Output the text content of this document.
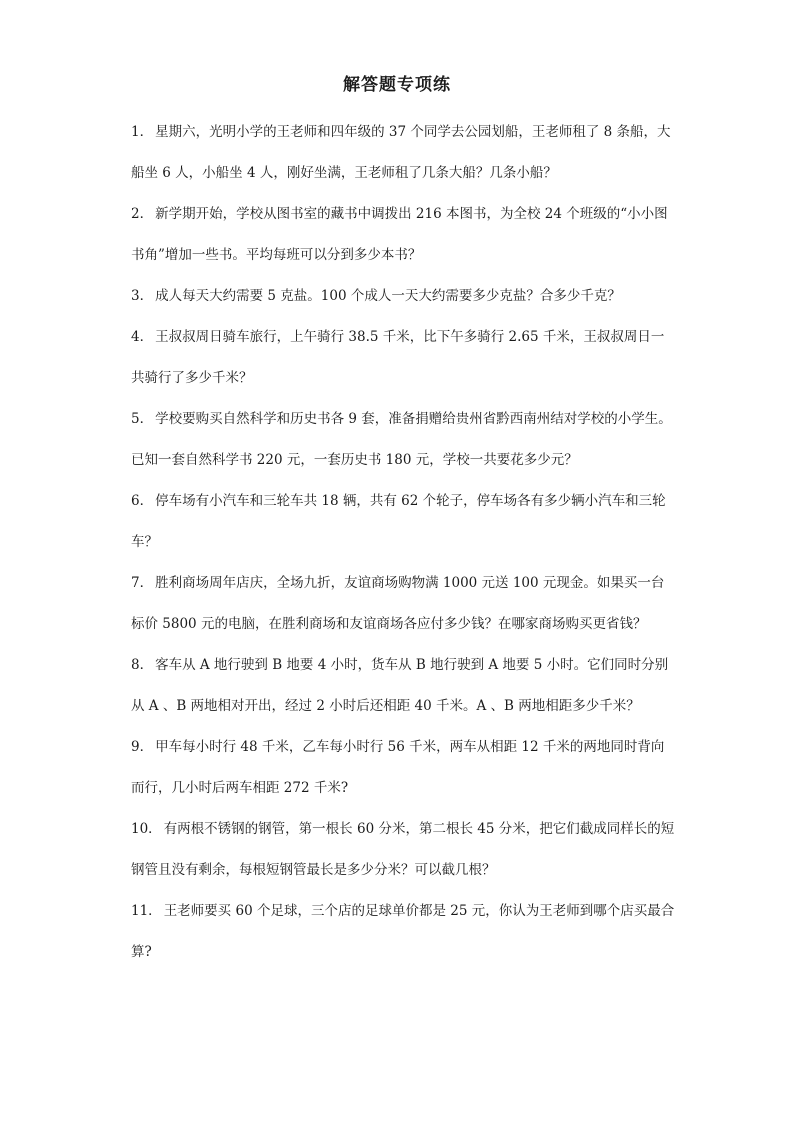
解答题专项练

1． 星期六，光明小学的王老师和四年级的 37 个同学去公园划船，王老师租了 8 条船，大船坐 6 人，小船坐 4 人，刚好坐满，王老师租了几条大船？几条小船？

2． 新学期开始，学校从图书室的藏书中调拨出 216 本图书，为全校 24 个班级的“小小图书角”增加一些书。平均每班可以分到多少本书？

3． 成人每天大约需要 5 克盐。100 个成人一天大约需要多少克盐？合多少千克？

4． 王叔叔周日骑车旅行，上午骑行 38.5 千米，比下午多骑行 2.65 千米，王叔叔周日一共骑行了多少千米？

5． 学校要购买自然科学和历史书各 9 套，准备捐赠给贵州省黔西南州结对学校的小学生。已知一套自然科学书 220 元，一套历史书 180 元，学校一共要花多少元？

6． 停车场有小汽车和三轮车共 18 辆，共有 62 个轮子，停车场各有多少辆小汽车和三轮车？

7． 胜利商场周年店庆，全场九折，友谊商场购物满 1000 元送 100 元现金。如果买一台标价 5800 元的电脑，在胜利商场和友谊商场各应付多少钱？在哪家商场购买更省钱？

8． 客车从 A 地行驶到 B 地要 4 小时，货车从 B 地行驶到 A 地要 5 小时。它们同时分别从 A 、B 两地相对开出，经过 2 小时后还相距 40 千米。A 、B 两地相距多少千米？

9． 甲车每小时行 48 千米，乙车每小时行 56 千米，两车从相距 12 千米的两地同时背向而行，几小时后两车相距 272 千米?

10． 有两根不锈钢的钢管，第一根长 60 分米，第二根长 45 分米，把它们截成同样长的短钢管且没有剩余，每根短钢管最长是多少分米？可以截几根？

11． 王老师要买 60 个足球，三个店的足球单价都是 25 元，你认为王老师到哪个店买最合算?
